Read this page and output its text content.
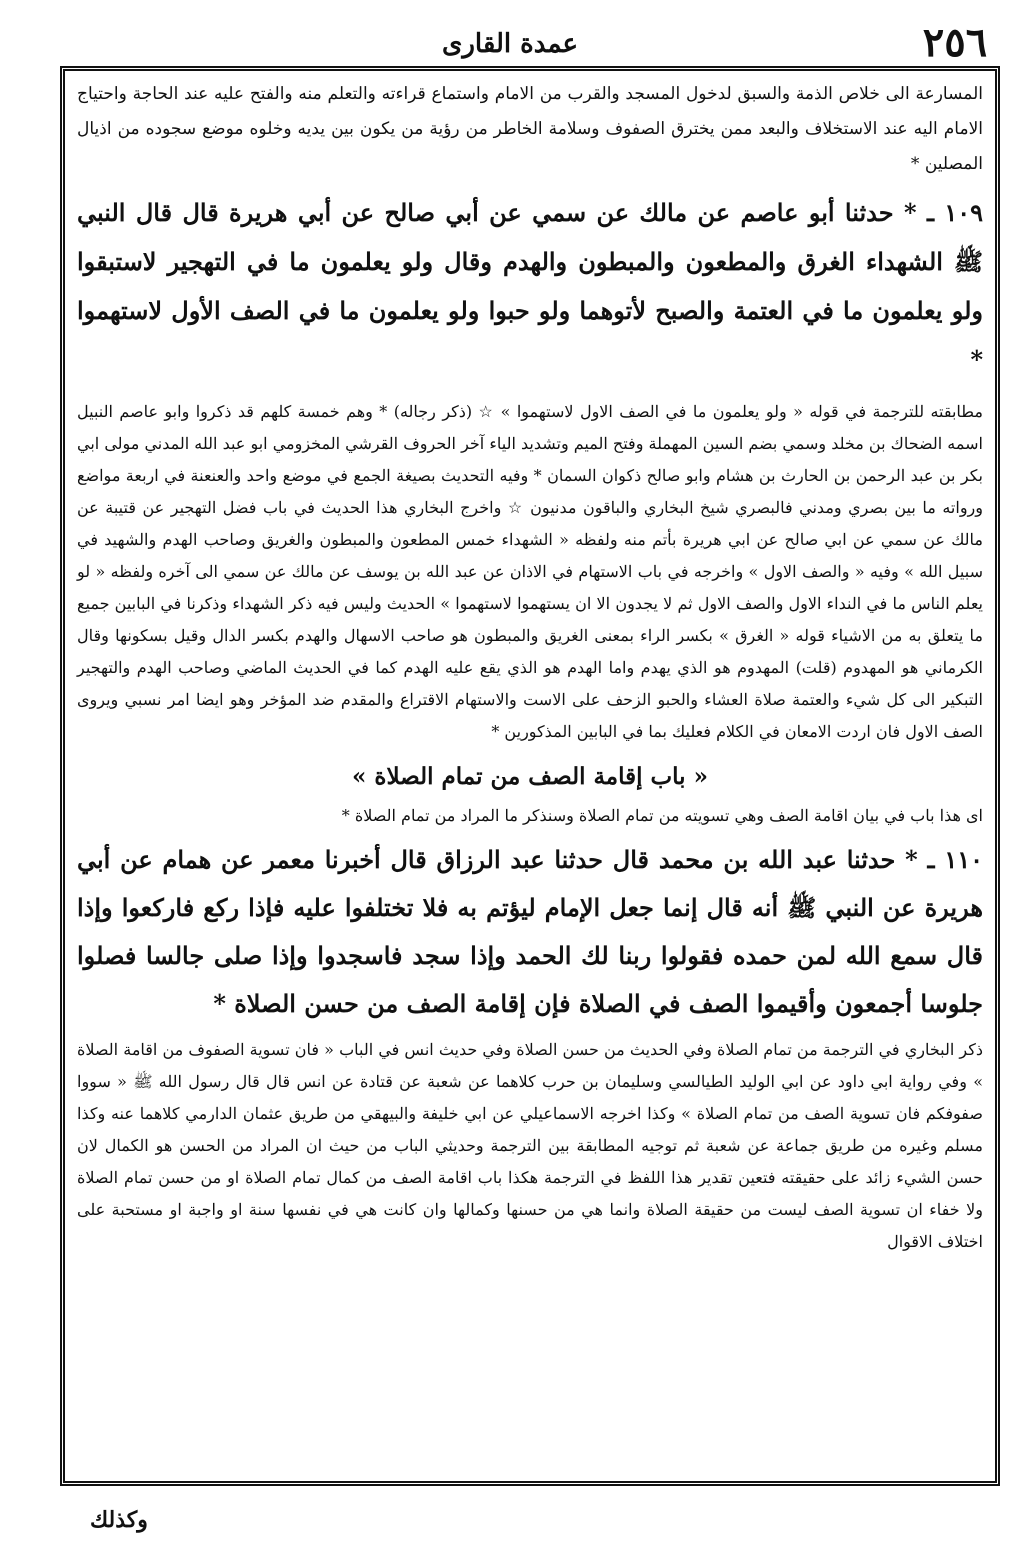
٢٥٦
عمدة القارى

المسارعة الى خلاص الذمة والسبق لدخول المسجد والقرب من الامام واستماع قراءته والتعلم منه والفتح عليه عند الحاجة واحتياج الامام اليه عند الاستخلاف والبعد ممن يخترق الصفوف وسلامة الخاطر من رؤية من يكون بين يديه وخلوه موضع سجوده من اذيال المصلين *

١٠٩ ـ * حدثنا أبو عاصم عن مالك عن سمي عن أبي صالح عن أبي هريرة قال قال النبي ﷺ الشهداء الغرق والمطعون والمبطون والهدم وقال ولو يعلمون ما في التهجير لاستبقوا ولو يعلمون ما في العتمة والصبح لأتوهما ولو حبوا ولو يعلمون ما في الصف الأول لاستهموا *

مطابقته للترجمة في قوله « ولو يعلمون ما في الصف الاول لاستهموا » ☆ (ذكر رجاله) * وهم خمسة كلهم قد ذكروا وابو عاصم النبيل اسمه الضحاك بن مخلد وسمي بضم السين المهملة وفتح الميم وتشديد الياء آخر الحروف القرشي المخزومي ابو عبد الله المدني مولى ابي بكر بن عبد الرحمن بن الحارث بن هشام وابو صالح ذكوان السمان * وفيه التحديث بصيغة الجمع في موضع واحد والعنعنة في اربعة مواضع ورواته ما بين بصري ومدني فالبصري شيخ البخاري والباقون مدنيون ☆ واخرج البخاري هذا الحديث في باب فضل التهجير عن قتيبة عن مالك عن سمي عن ابي صالح عن ابي هريرة بأتم منه ولفظه « الشهداء خمس المطعون والمبطون والغريق وصاحب الهدم والشهيد في سبيل الله » وفيه « والصف الاول » واخرجه في باب الاستهام في الاذان عن عبد الله بن يوسف عن مالك عن سمي الى آخره ولفظه « لو يعلم الناس ما في النداء الاول والصف الاول ثم لا يجدون الا ان يستهموا لاستهموا » الحديث وليس فيه ذكر الشهداء وذكرنا في البابين جميع ما يتعلق به من الاشياء قوله « الغرق » بكسر الراء بمعنى الغريق والمبطون هو صاحب الاسهال والهدم بكسر الدال وقيل بسكونها وقال الكرماني هو المهدوم (قلت) المهدوم هو الذي يهدم واما الهدم هو الذي يقع عليه الهدم كما في الحديث الماضي وصاحب الهدم والتهجير التبكير الى كل شيء والعتمة صلاة العشاء والحبو الزحف على الاست والاستهام الاقتراع والمقدم ضد المؤخر وهو ايضا امر نسبي ويروى الصف الاول فان اردت الامعان في الكلام فعليك بما في البابين المذكورين *

« باب إقامة الصف من تمام الصلاة »

اى هذا باب في بيان اقامة الصف وهي تسويته من تمام الصلاة وسنذكر ما المراد من تمام الصلاة *

١١٠ ـ * حدثنا عبد الله بن محمد قال حدثنا عبد الرزاق قال أخبرنا معمر عن همام عن أبي هريرة عن النبي ﷺ أنه قال إنما جعل الإمام ليؤتم به فلا تختلفوا عليه فإذا ركع فاركعوا وإذا قال سمع الله لمن حمده فقولوا ربنا لك الحمد وإذا سجد فاسجدوا وإذا صلى جالسا فصلوا جلوسا أجمعون وأقيموا الصف في الصلاة فإن إقامة الصف من حسن الصلاة *

ذكر البخاري في الترجمة من تمام الصلاة وفي الحديث من حسن الصلاة وفي حديث انس في الباب « فان تسوية الصفوف من اقامة الصلاة » وفي رواية ابي داود عن ابي الوليد الطيالسي وسليمان بن حرب كلاهما عن شعبة عن قتادة عن انس قال قال رسول الله ﷺ « سووا صفوفكم فان تسوية الصف من تمام الصلاة » وكذا اخرجه الاسماعيلي عن ابي خليفة والبيهقي من طريق عثمان الدارمي كلاهما عنه وكذا مسلم وغيره من طريق جماعة عن شعبة ثم توجيه المطابقة بين الترجمة وحديثي الباب من حيث ان المراد من الحسن هو الكمال لان حسن الشيء زائد على حقيقته فتعين تقدير هذا اللفظ في الترجمة هكذا باب اقامة الصف من كمال تمام الصلاة او من حسن تمام الصلاة ولا خفاء ان تسوية الصف ليست من حقيقة الصلاة وانما هي من حسنها وكمالها وان كانت هي في نفسها سنة او واجبة او مستحبة على اختلاف الاقوال

وكذلك
